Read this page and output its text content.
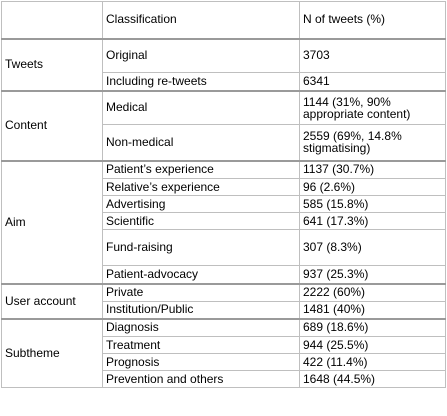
	Classification	N of tweets (%)
Tweets	Original	3703
	Including re-tweets	6341
Content	Medical	1144 (31%, 90% appropriate content)
	Non-medical	2559 (69%, 14.8% stigmatising)
Aim	Patient’s experience	1137 (30.7%)
	Relative’s experience	96 (2.6%)
	Advertising	585 (15.8%)
	Scientific	641 (17.3%)
	Fund-raising	307 (8.3%)
	Patient-advocacy	937 (25.3%)
User account	Private	2222 (60%)
	Institution/Public	1481 (40%)
Subtheme	Diagnosis	689 (18.6%)
	Treatment	944 (25.5%)
	Prognosis	422 (11.4%)
	Prevention and others	1648 (44.5%)
